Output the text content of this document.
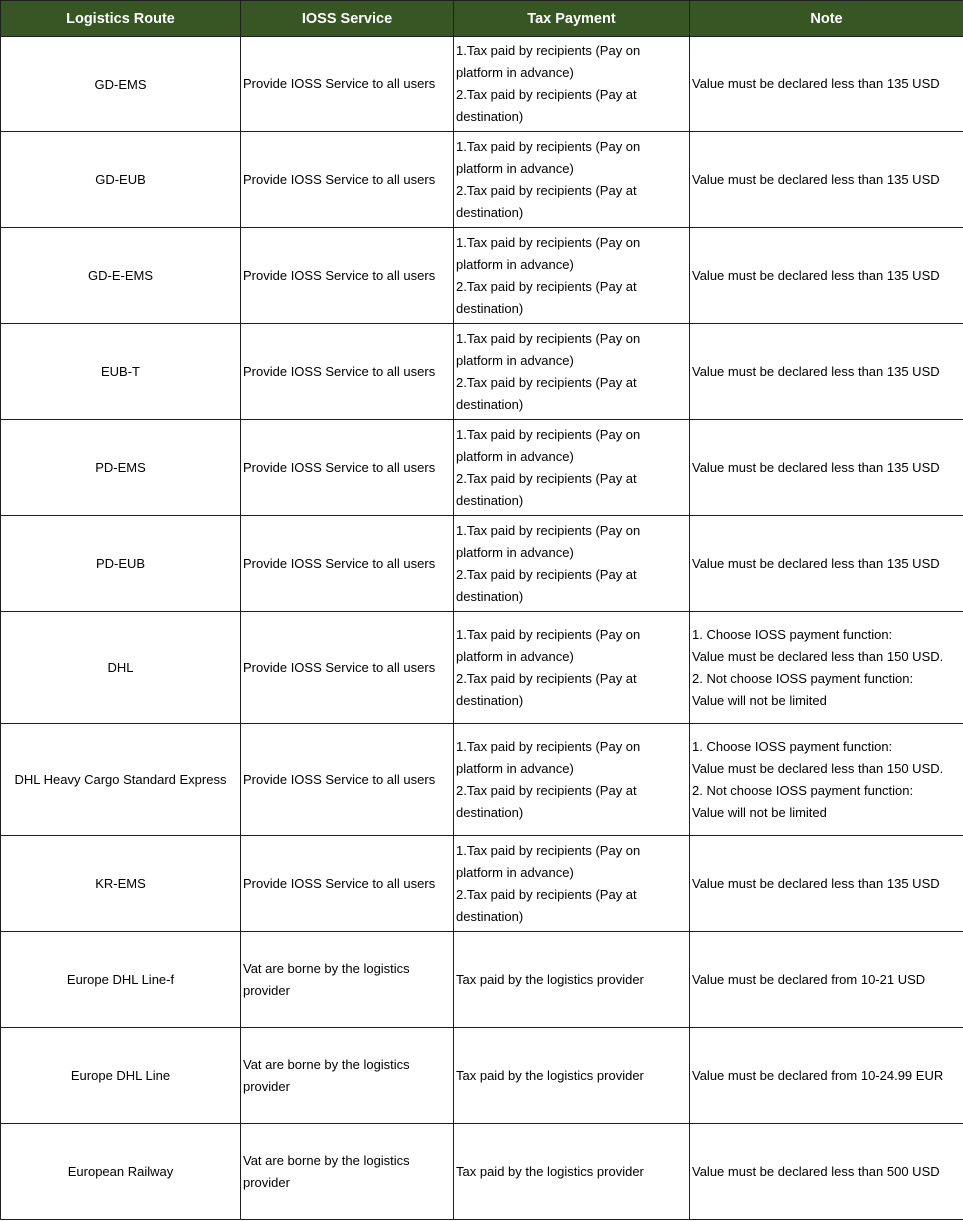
Logistics Route	IOSS Service	Tax Payment	Note
GD-EMS	Provide IOSS Service to all users	1.Tax paid by recipients (Pay on
platform in advance)
2.Tax paid by recipients (Pay at
destination)	Value must be declared less than 135 USD

GD-EUB	Provide IOSS Service to all users	1.Tax paid by recipients (Pay on
platform in advance)
2.Tax paid by recipients (Pay at
destination)	Value must be declared less than 135 USD

GD-E-EMS	Provide IOSS Service to all users	1.Tax paid by recipients (Pay on
platform in advance)
2.Tax paid by recipients (Pay at
destination)	Value must be declared less than 135 USD

EUB-T	Provide IOSS Service to all users	1.Tax paid by recipients (Pay on
platform in advance)
2.Tax paid by recipients (Pay at
destination)	Value must be declared less than 135 USD

PD-EMS	Provide IOSS Service to all users	1.Tax paid by recipients (Pay on
platform in advance)
2.Tax paid by recipients (Pay at
destination)	Value must be declared less than 135 USD

PD-EUB	Provide IOSS Service to all users	1.Tax paid by recipients (Pay on
platform in advance)
2.Tax paid by recipients (Pay at
destination)	Value must be declared less than 135 USD

DHL	Provide IOSS Service to all users	1.Tax paid by recipients (Pay on
platform in advance)
2.Tax paid by recipients (Pay at
destination)	1. Choose IOSS payment function:
Value must be declared less than 150 USD.
2. Not choose IOSS payment function:
Value will not be limited

DHL Heavy Cargo Standard Express	Provide IOSS Service to all users	1.Tax paid by recipients (Pay on
platform in advance)
2.Tax paid by recipients (Pay at
destination)	1. Choose IOSS payment function:
Value must be declared less than 150 USD.
2. Not choose IOSS payment function:
Value will not be limited

KR-EMS	Provide IOSS Service to all users	1.Tax paid by recipients (Pay on
platform in advance)
2.Tax paid by recipients (Pay at
destination)	Value must be declared less than 135 USD

Europe DHL Line-f	Vat are borne by the logistics provider	Tax paid by the logistics provider	Value must be declared from 10-21 USD

Europe DHL Line	Vat are borne by the logistics provider	Tax paid by the logistics provider	Value must be declared from 10-24.99 EUR

European Railway	Vat are borne by the logistics provider	Tax paid by the logistics provider	Value must be declared less than 500 USD
